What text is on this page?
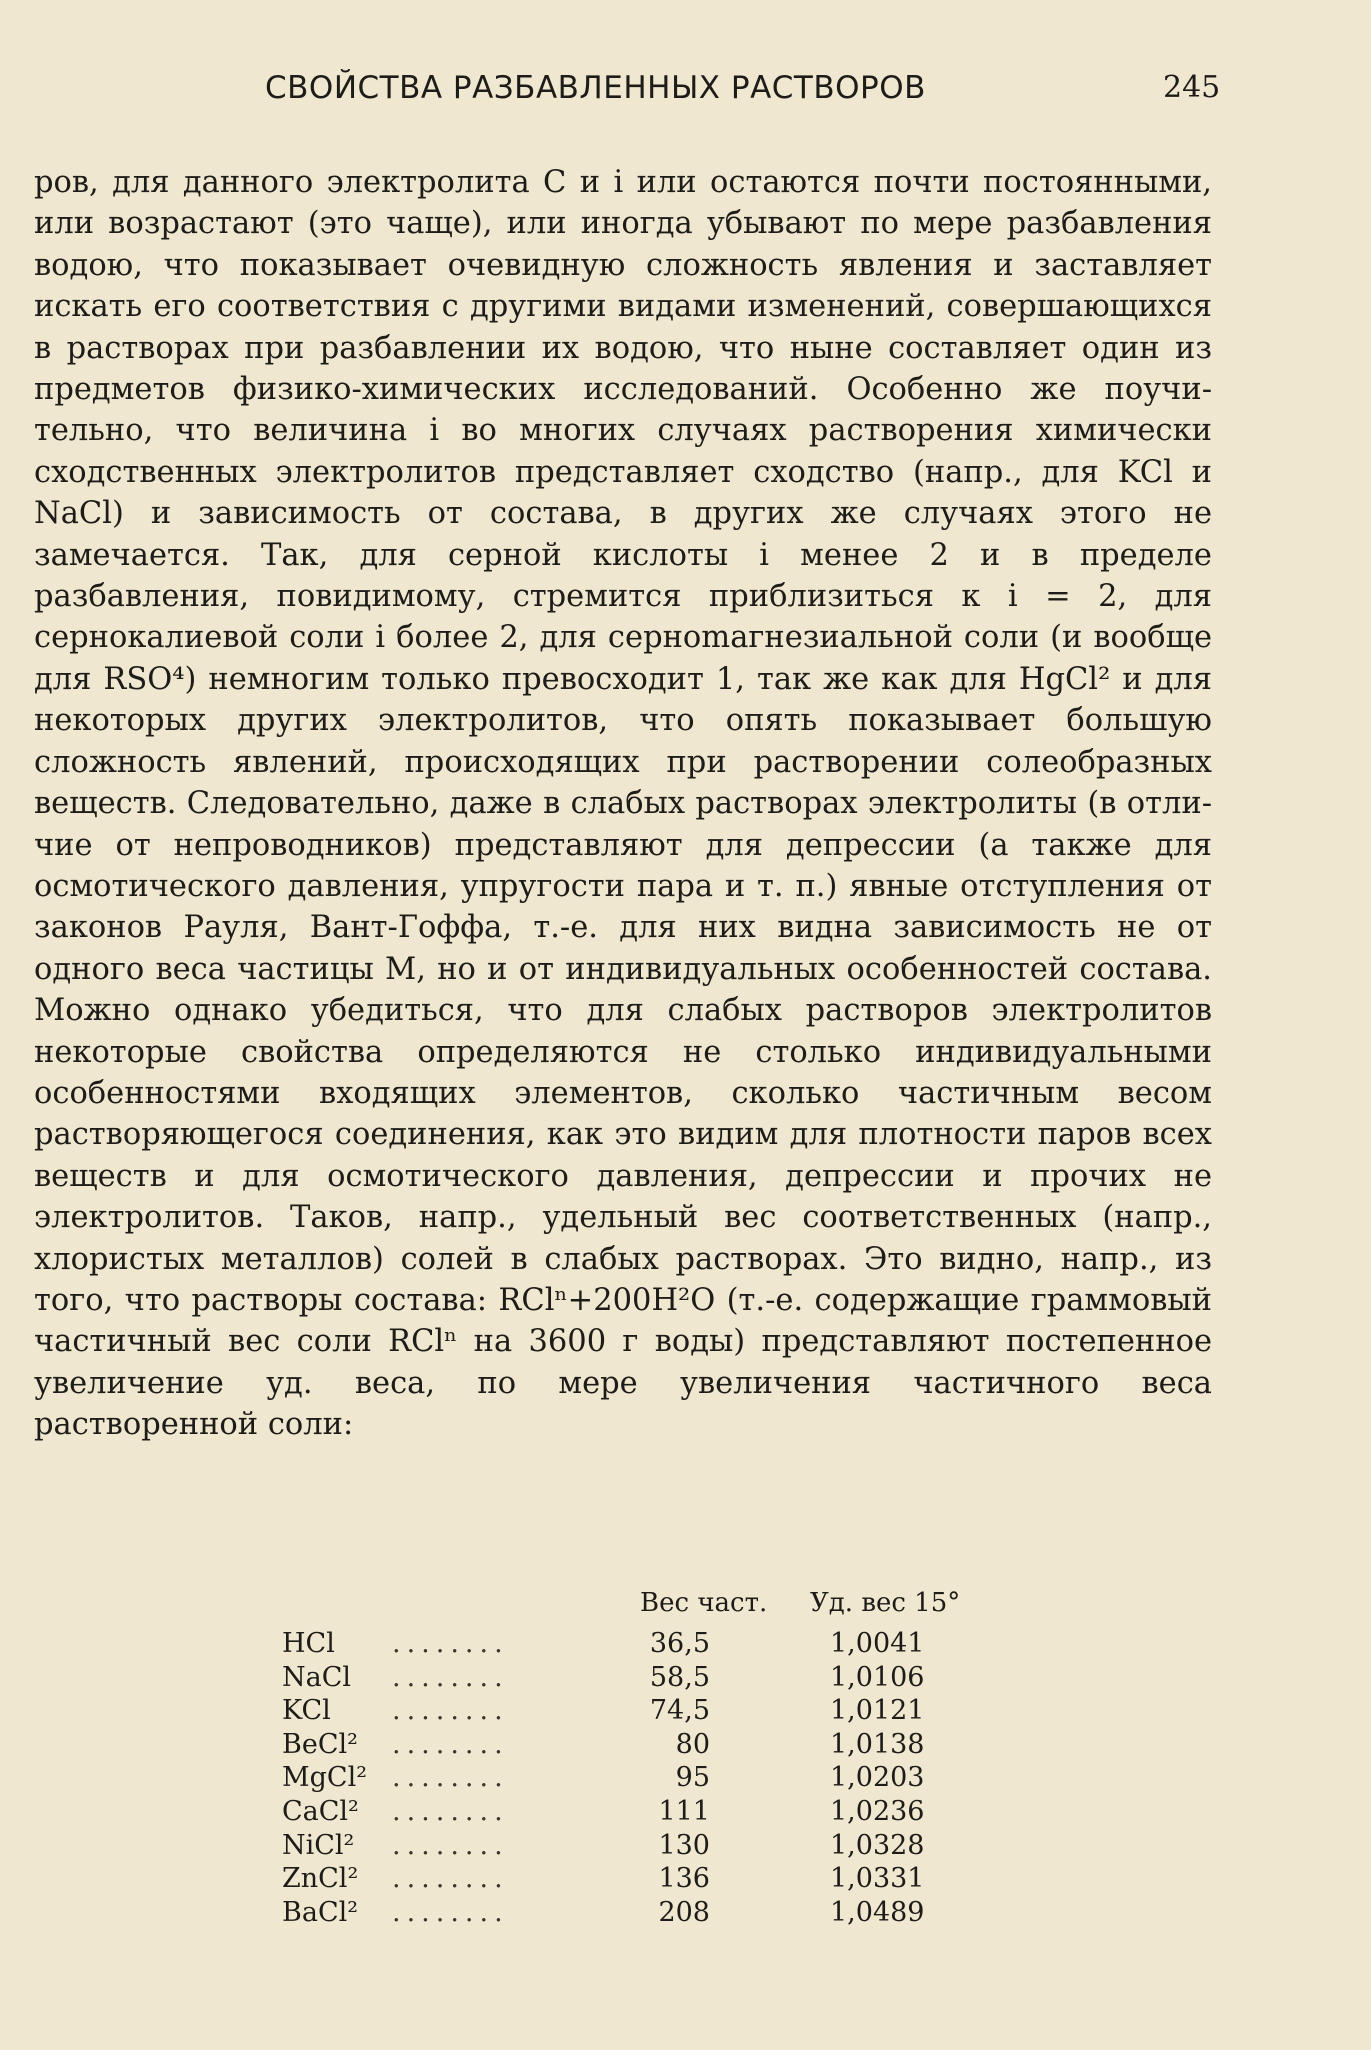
СВОЙСТВА РАЗБАВЛЕННЫХ РАСТВОРОВ	245

ров, для данного электролита C и i или остаются почти постоянными, или возрастают (это чаще), или иногда убывают по мере разбавления водою, что показывает очевидную сложность явления и заставляет искать его соответствия с другими видами изменений, совершающихся в растворах при разбавлении их водою, что ныне составляет один из предметов физико-химических исследований. Особенно же поучительно, что величина i во многих случаях растворения химически сходственных электролитов представляет сходство (напр., для KCl и NaCl) и зависимость от состава, в других же случаях этого не замечается. Так, для серной кислоты i менее 2 и в пределе разбавления, повидимому, стремится приблизиться к i = 2, для сернокалиевой соли i более 2, для сернomагнезиальной соли (и вообще для RSO⁴) немногим только превосходит 1, так же как для HgCl² и для некоторых других электролитов, что опять показывает большую сложность явлений, происходящих при растворении солеобразных веществ. Следовательно, даже в слабых растворах электролиты (в отличие от непроводников) представляют для депрессии (а также для осмотического давления, упругости пара и т. п.) явные отступления от законов Рауля, Вант-Гоффа, т.-е. для них видна зависимость не от одного веса частицы M, но и от индивидуальных особенностей состава. Можно однако убедиться, что для слабых растворов электролитов некоторые свойства определяются не столько индивидуальными особенностями входящих элементов, сколько частичным весом растворяющегося соединения, как это видим для плотности паров всех веществ и для осмотического давления, депрессии и прочих не электролитов. Таков, напр., удельный вес соответственных (напр., хлористых металлов) солей в слабых растворах. Это видно, напр., из того, что растворы состава: RClⁿ+200H²O (т.-е. содержащие граммовый частичный вес соли RClⁿ на 3600 г воды) представляют постепенное увеличение уд. веса, по мере увеличения частичного веса растворенной соли:

Вес част. Уд. вес 15°
HCl ........	36,5	1,0041
NaCl ........	58,5	1,0106
KCl ........	74,5	1,0121
BeCl² ........	80	1,0138
MgCl² ........	95	1,0203
CaCl² ........	111	1,0236
NiCl² ........	130	1,0328
ZnCl² ........	136	1,0331
BaCl² ........	208	1,0489
